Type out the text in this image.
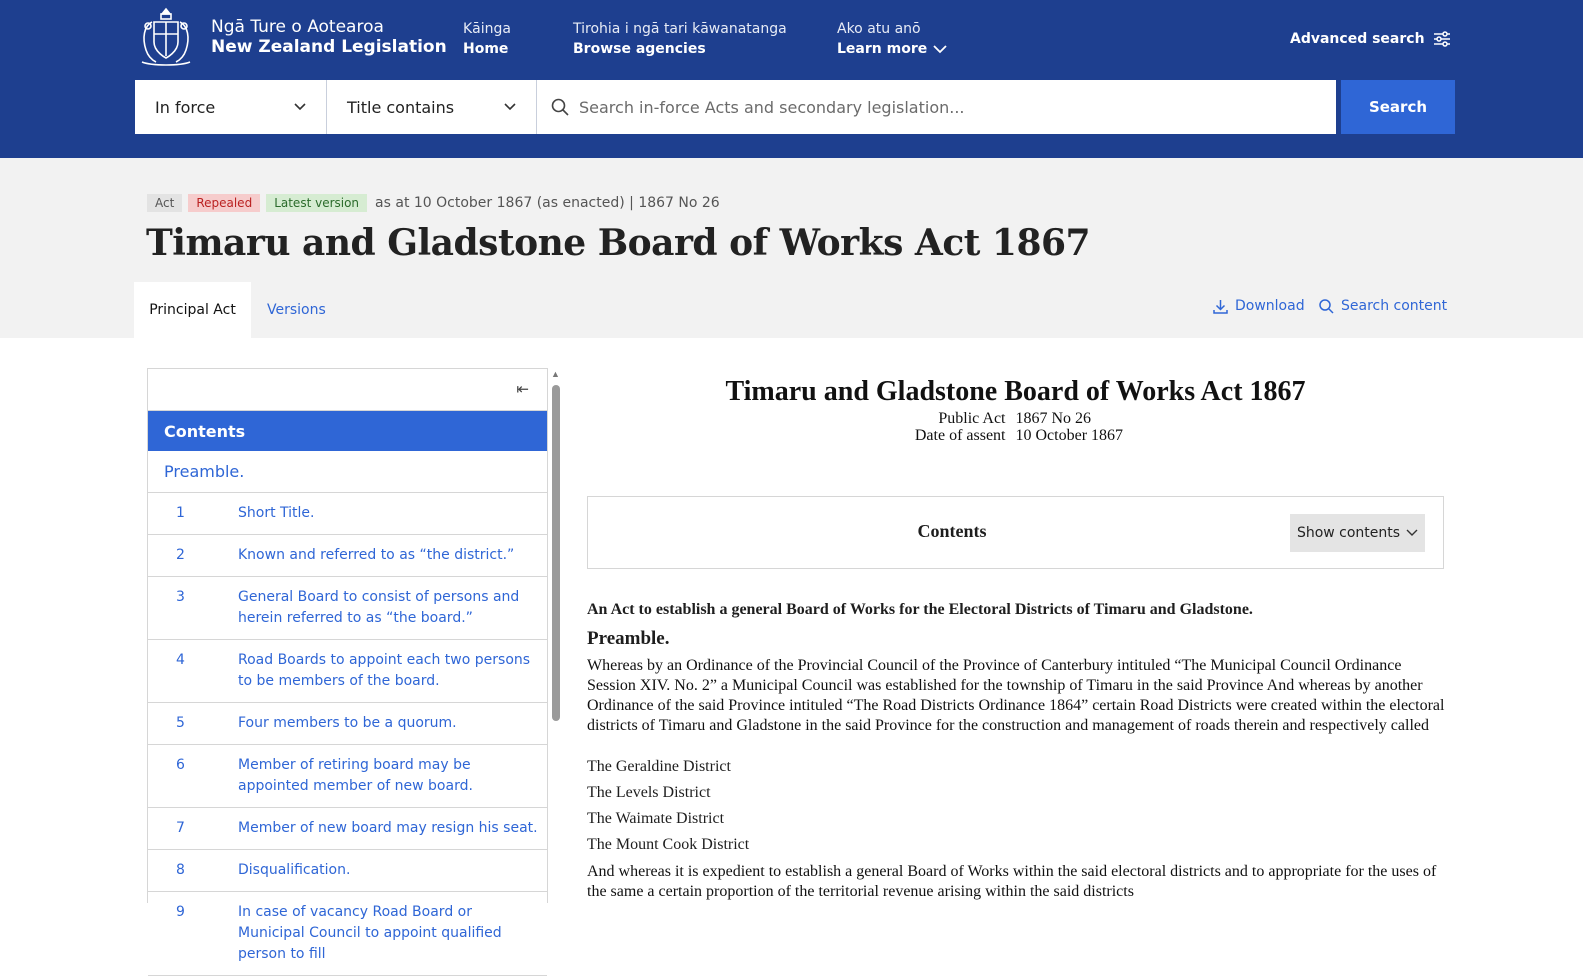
Ngā Ture o Aotearoa
New Zealand Legislation
Kāinga
Home
Tirohia i ngā tari kāwanatanga
Browse agencies
Ako atu anō
Learn more
Advanced search
In force	Title contains
Search in-force Acts and secondary legislation...	Search
Act	Repealed	Latest version	as at 10 October 1867 (as enacted) | 1867 No 26
Timaru and Gladstone Board of Works Act 1867
Principal Act	Versions	Download	Search content
⇤
Contents
Preamble.
1	Short Title.
2	Known and referred to as “the district.”
3	General Board to consist of persons and herein referred to as “the board.”
4	Road Boards to appoint each two persons to be members of the board.
5	Four members to be a quorum.
6	Member of retiring board may be appointed member of new board.
7	Member of new board may resign his seat.
8	Disqualification.
9	In case of vacancy Road Board or Municipal Council to appoint qualified person to fill
▲
Timaru and Gladstone Board of Works Act 1867
Public Act 1867 No 26
Date of assent 10 October 1867
Contents	Show contents
An Act to establish a general Board of Works for the Electoral Districts of Timaru and Gladstone.
Preamble.
Whereas by an Ordinance of the Provincial Council of the Province of Canterbury intituled “The Municipal Council Ordinance Session XIV. No. 2” a Municipal Council was established for the township of Timaru in the said Province And whereas by another Ordinance of the said Province intituled “The Road Districts Ordinance 1864” certain Road Districts were created within the electoral districts of Timaru and Gladstone in the said Province for the construction and management of roads therein and respectively called
The Geraldine District
The Levels District
The Waimate District
The Mount Cook District
And whereas it is expedient to establish a general Board of Works within the said electoral districts and to appropriate for the uses of the same a certain proportion of the territorial revenue arising within the said districts
